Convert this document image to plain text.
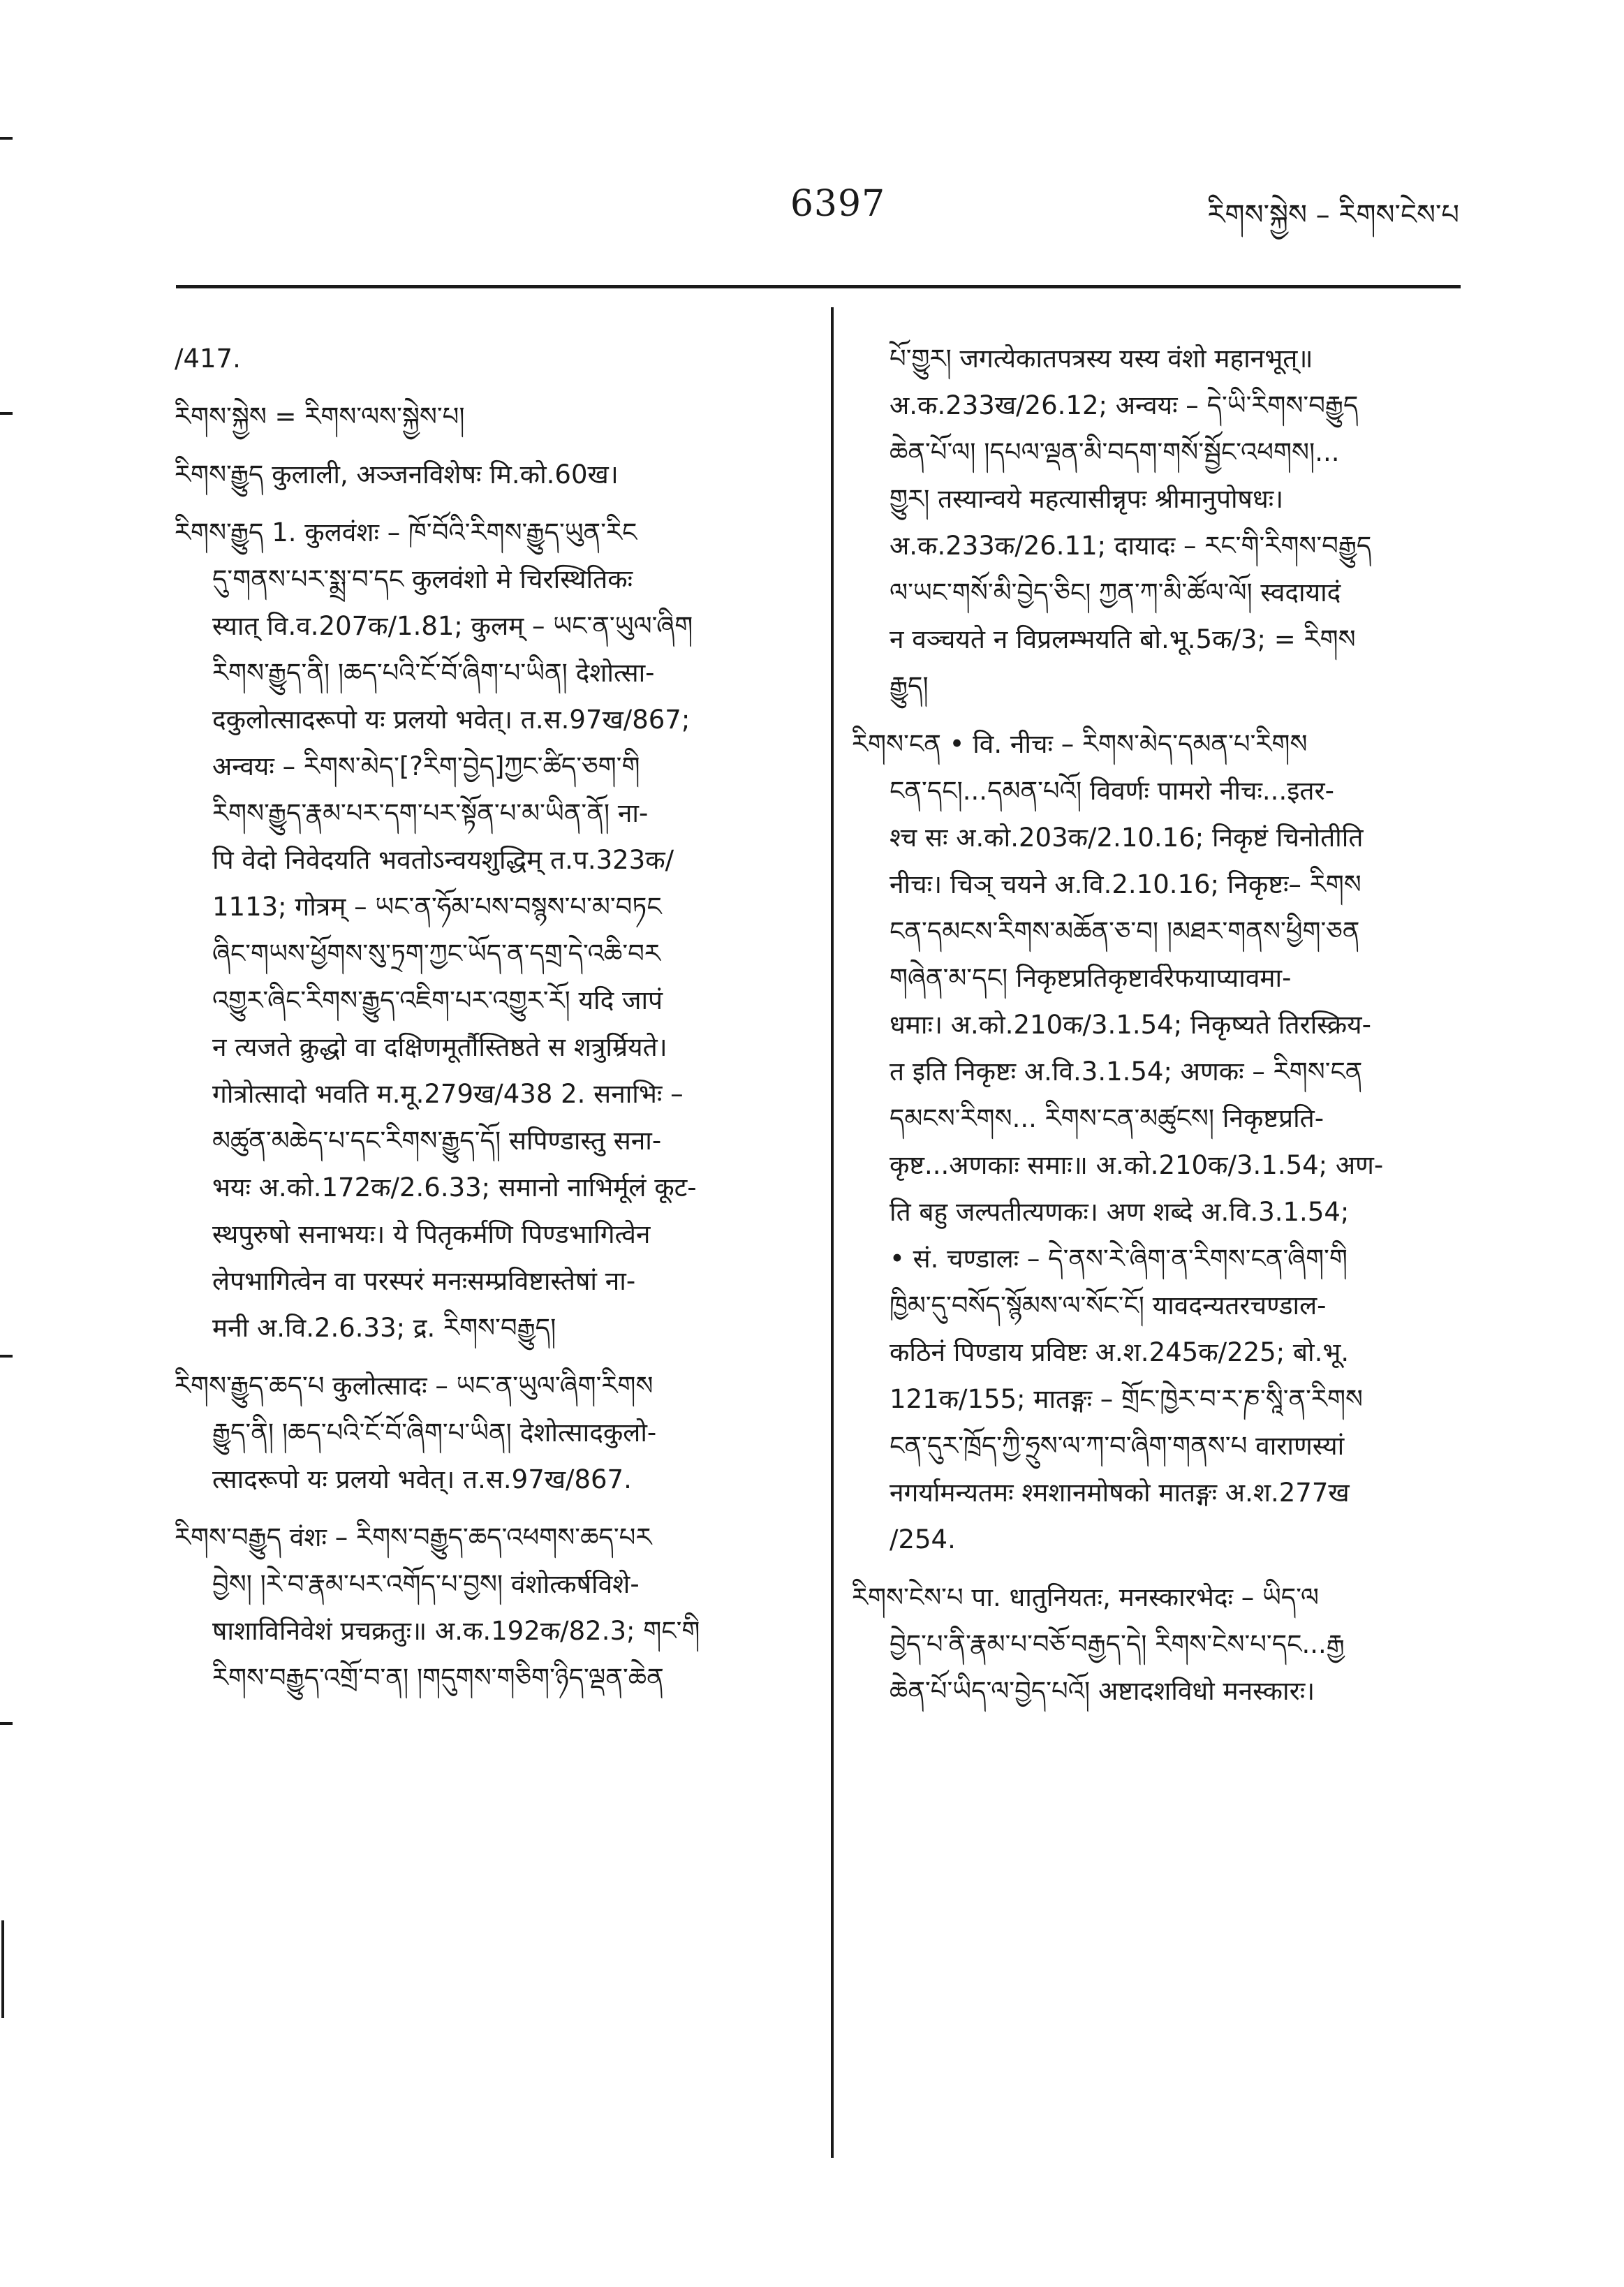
6397	རིགས་སྐྱེས – རིགས་ངེས་པ
/417.
རིགས་སྐྱེས = རིགས་ལས་སྐྱེས་པ།
རིགས་རྒྱུད कुलाली, अञ्जनविशेषः मि.को.60ख।
རིགས་རྒྱུད 1. कुलवंशः – ཁོ་བོའི་རིགས་རྒྱུད་ཡུན་རིང
དུ་གནས་པར་སྨྲ་བ་དང कुलवंशो मे चिरस्थितिकः
स्यात् वि.व.207क/1.81; कुलम् – ཡང་ན་ཡུལ་ཞིག
རིགས་རྒྱུད་ནི། །ཆད་པའི་ངོ་བོ་ཞིག་པ་ཡིན། देशोत्सा-
दकुलोत्सादरूपो यः प्रलयो भवेत्। त.स.97ख/867;
अन्वयः – རིགས་མེད་[?རིག་བྱེད]ཀྱང་ཚིད་ཅག་གི
རིགས་རྒྱུད་རྣམ་པར་དག་པར་སྟོན་པ་མ་ཡིན་ནོ། ना-
पि वेदो निवेदयति भवतोऽन्वयशुद्धिम् त.प.323क/
1113; गोत्रम् – ཡང་ན་ཧོམ་པས་བསྙས་པ་མ་བཏང
ཞིང་གཡས་ཕྱོགས་སུ་ཏྲག་ཀྱང་ཡོད་ན་དགྲ་དེ་འཆི་བར
འགྱུར་ཞིང་རིགས་རྒྱུད་འཇིག་པར་འགྱུར་རོ། यदि जापं
न त्यजते क्रुद्धो वा दक्षिणमूर्तौस्तिष्ठते स शत्रुर्म्रियते।
गोत्रोत्सादो भवति म.मू.279ख/438 2. सनाभिः –
མཚུན་མཆེད་པ་དང་རིགས་རྒྱུད་དོ། सपिण्डास्तु सना-
भयः अ.को.172क/2.6.33; समानो नाभिर्मूलं कूट-
स्थपुरुषो सनाभयः। ये पितृकर्मणि पिण्डभागित्वेन
लेपभागित्वेन वा परस्परं मनःसम्प्रविष्टास्तेषां ना-
मनी अ.वि.2.6.33; द्र. རིགས་བརྒྱུད།
རིགས་རྒྱུད་ཆད་པ कुलोत्सादः – ཡང་ན་ཡུལ་ཞིག་རིགས
རྒྱུད་ནི། །ཆད་པའི་ངོ་བོ་ཞིག་པ་ཡིན། देशोत्सादकुलो-
त्सादरूपो यः प्रलयो भवेत्। त.स.97ख/867.
རིགས་བརྒྱུད वंशः – རིགས་བརྒྱུད་ཆད་འཕགས་ཆད་པར
བྱེས། །རེ་བ་རྣམ་པར་འགོད་པ་བྱས། वंशोत्कर्षविशे-
षाशाविनिवेशं प्रचक्रतुः॥ अ.क.192क/82.3; གང་གི
རིགས་བརྒྱུད་འགྲོ་བ་ན། །གདུགས་གཅིག་ཉིད་ལྡན་ཆེན
པོ་གྱུར། जगत्येकातपत्रस्य यस्य वंशो महानभूत्॥
अ.क.233ख/26.12; अन्वयः – དེ་ཡི་རིགས་བརྒྱུད
ཆེན་པོ་ལ། །དཔལ་ལྡན་མི་བདག་གསོ་སྦྱོང་འཕགས།...
གྱུར། तस्यान्वये महत्यासीन्नृपः श्रीमानुपोषधः।
अ.क.233क/26.11; दायादः – རང་གི་རིགས་བརྒྱུད
ལ་ཡང་གསོ་མི་བྱེད་ཅིང། ཀྱན་ཀ་མི་ཚོལ་ལོ། स्वदायादं
न वञ्चयते न विप्रलम्भयति बो.भू.5क/3; = རིགས
རྒྱུད།
རིགས་ངན • वि. नीचः – རིགས་མེད་དམན་པ་རིགས
ངན་དང།...དམན་པའོ། विवर्णः पामरो नीचः...इतर-
श्च सः अ.को.203क/2.10.16; निकृष्टं चिनोतीति
नीचः। चिञ् चयने अ.वि.2.10.16; निकृष्टः– རིགས
ངན་དམངས་རིགས་མཆོན་ཅ་བ། །མཐར་གནས་ཕྱིག་ཅན
གཞེན་མ་དང། निकृष्टप्रतिकृष्टार्वरेफयाप्यावमा-
धमाः। अ.को.210क/3.1.54; निकृष्यते तिरस्क्रिय-
त इति निकृष्टः अ.वि.3.1.54; अणकः – རིགས་ངན
དམངས་རིགས... རིགས་ངན་མཚུངས། निकृष्टप्रति-
कृष्ट...अणकाः समाः॥ अ.को.210क/3.1.54; अण-
ति बहु जल्पतीत्यणकः। अण शब्दे अ.वि.3.1.54;
• सं. चण्डालः – དེ་ནས་རེ་ཞིག་ན་རིགས་ངན་ཞིག་གི
ཁྱིམ་དུ་བསོད་སྙོམས་ལ་སོང་ངོ། यावदन्यतरचण्डाल-
कठिनं पिण्डाय प्रविष्टः अ.श.245क/225; बो.भू.
121क/155; मातङ्गः – གྲོང་ཁྱེར་བ་ར་ཎ་སཱི་ན་རིགས
ངན་དུར་ཁྲོད་ཀྱི་ཧྲུས་ལ་ཀ་བ་ཞིག་གནས་པ वाराणस्यां
नगर्यामन्यतमः श्मशानमोषको मातङ्गः अ.श.277ख
/254.
རིགས་ངེས་པ पा. धातुनियतः, मनस्कारभेदः – ཡིད་ལ
བྱེད་པ་ནི་རྣམ་པ་བཅོ་བརྒྱད་དེ། རིགས་ངེས་པ་དང...རྒྱ
ཆེན་པོ་ཡིད་ལ་བྱེད་པའོ། अष्टादशविधो मनस्कारः।
